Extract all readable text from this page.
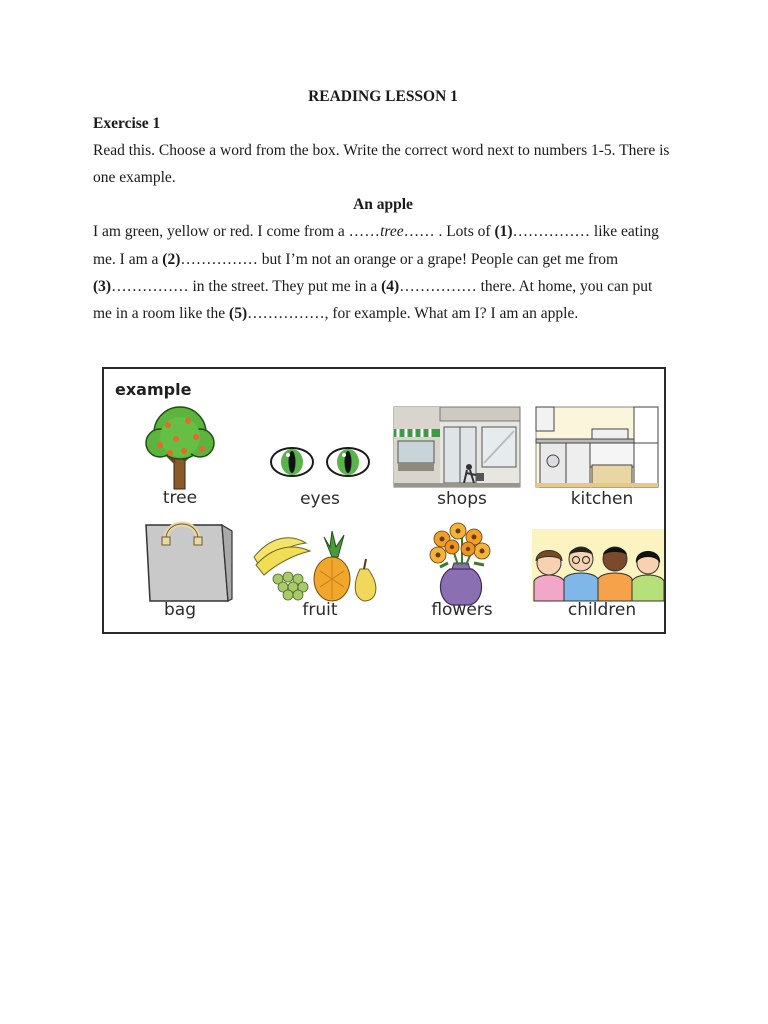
READING LESSON 1
Exercise 1

Read this. Choose a word from the box. Write the correct word next to numbers 1-5. There is one example.

An apple

I am green, yellow or red. I come from a ……tree…… . Lots of (1)…………… like eating me. I am a (2)…………… but I’m not an orange or a grape! People can get me from (3)…………… in the street. They put me in a (4)…………… there. At home, you can put me in a room like the (5)……………, for example. What am I? I am an apple.

example
tree	eyes	shops	kitchen
bag	fruit	flowers	children
